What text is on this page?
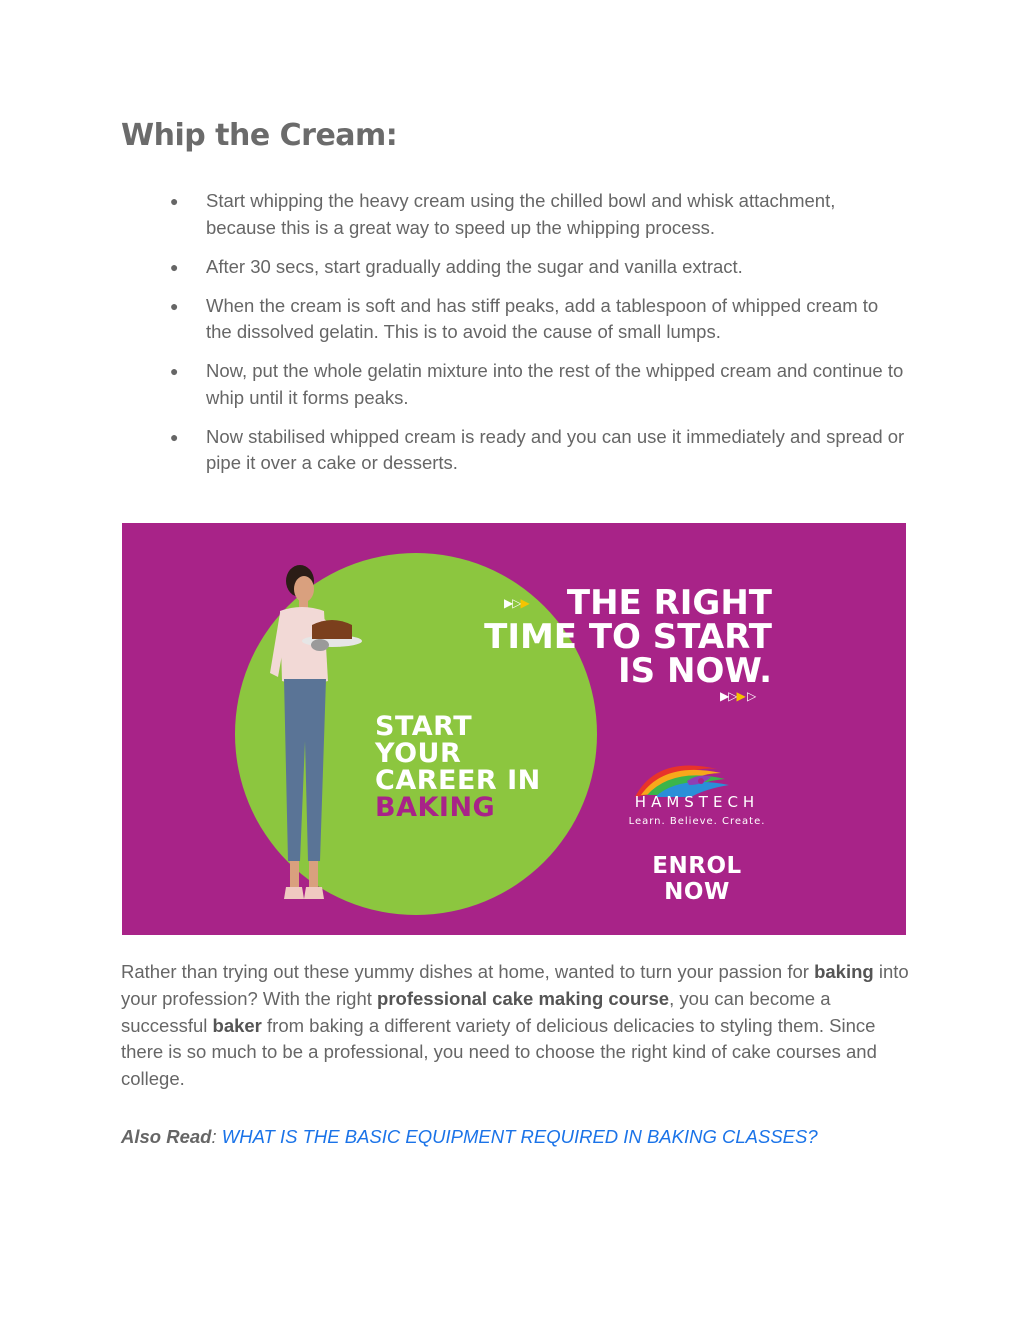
Whip the Cream:
● Start whipping the heavy cream using the chilled bowl and whisk attachment, because this is a great way to speed up the whipping process.
● After 30 secs, start gradually adding the sugar and vanilla extract.
● When the cream is soft and has stiff peaks, add a tablespoon of whipped cream to the dissolved gelatin. This is to avoid the cause of small lumps.
● Now, put the whole gelatin mixture into the rest of the whipped cream and continue to whip until it forms peaks.
● Now stabilised whipped cream is ready and you can use it immediately and spread or pipe it over a cake or desserts.
START
YOUR
CAREER IN
BAKING
▶▷▶	THE RIGHT
TIME TO START
IS NOW.
▶▷▶ ▷
HAMSTECH
Learn. Believe. Create.
ENROL NOW

Rather than trying out these yummy dishes at home, wanted to turn your passion for baking into your profession? With the right professional cake making course, you can become a successful baker from baking a different variety of delicious delicacies to styling them. Since there is so much to be a professional, you need to choose the right kind of cake courses and college.

Also Read: WHAT IS THE BASIC EQUIPMENT REQUIRED IN BAKING CLASSES?
